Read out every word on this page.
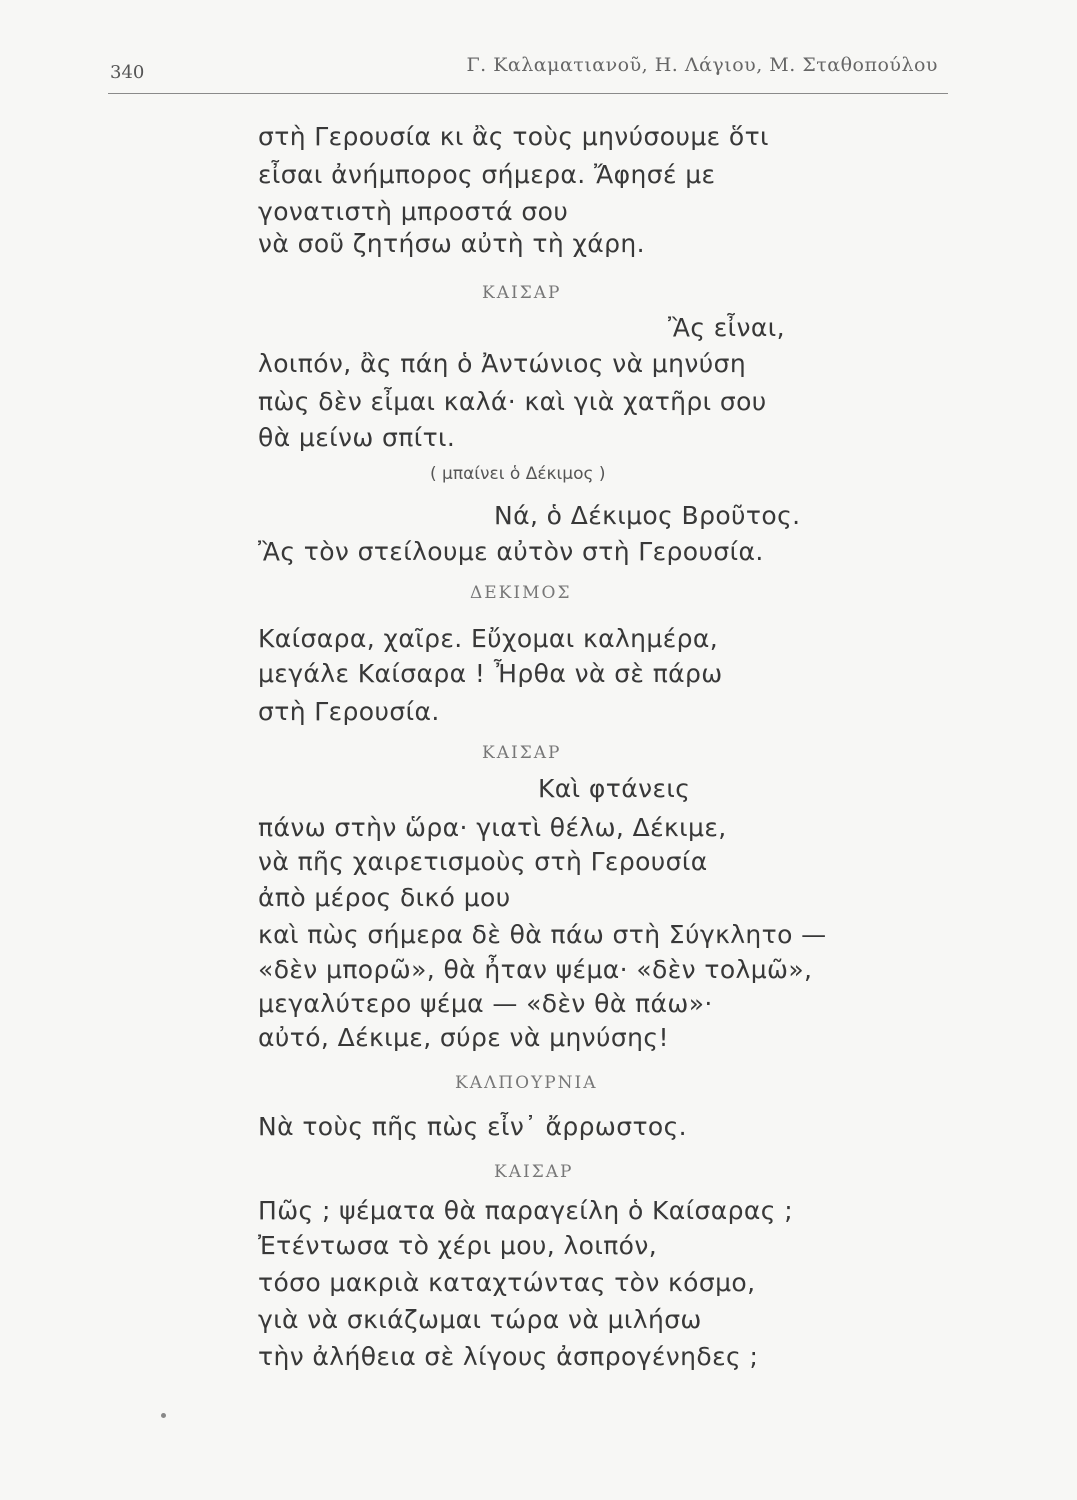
340	Γ. Καλαματιανοῦ, Η. Λάγιου, Μ. Σταθοπούλου
στὴ Γερουσία κι ἂς τοὺς μηνύσουμε ὅτι
εἶσαι ἀνήμπορος σήμερα. Ἄφησέ με
γονατιστὴ μπροστά σου
νὰ σοῦ ζητήσω αὐτὴ τὴ χάρη.
ΚΑΙΣΑΡ
Ἂς εἶναι,
λοιπόν, ἂς πάη ὁ Ἀντώνιος νὰ μηνύση
πὼς δὲν εἶμαι καλά· καὶ γιὰ χατῆρι σου
θὰ μείνω σπίτι.
( μπαίνει ὁ Δέκιμος )
Νά, ὁ Δέκιμος Βροῦτος.
Ἂς τὸν στείλουμε αὐτὸν στὴ Γερουσία.
ΔΕΚΙΜΟΣ
Καίσαρα, χαῖρε. Εὔχομαι καλημέρα,
μεγάλε Καίσαρα ! Ἦρθα νὰ σὲ πάρω
στὴ Γερουσία.
ΚΑΙΣΑΡ
Καὶ φτάνεις
πάνω στὴν ὥρα· γιατὶ θέλω, Δέκιμε,
νὰ πῆς χαιρετισμοὺς στὴ Γερουσία
ἀπὸ μέρος δικό μου
καὶ πὼς σήμερα δὲ θὰ πάω στὴ Σύγκλητο —
«δὲν μπορῶ», θὰ ἦταν ψέμα· «δὲν τολμῶ»,
μεγαλύτερο ψέμα — «δὲν θὰ πάω»·
αὐτό, Δέκιμε, σύρε νὰ μηνύσης!
ΚΑΛΠΟΥΡΝΙΑ
Νὰ τοὺς πῆς πὼς εἶν᾿ ἄρρωστος.
ΚΑΙΣΑΡ
Πῶς ; ψέματα θὰ παραγείλη ὁ Καίσαρας ;
Ἐτέντωσα τὸ χέρι μου, λοιπόν,
τόσο μακριὰ καταχτώντας τὸν κόσμο,
γιὰ νὰ σκιάζωμαι τώρα νὰ μιλήσω
τὴν ἀλήθεια σὲ λίγους ἀσπρογένηδες ;
